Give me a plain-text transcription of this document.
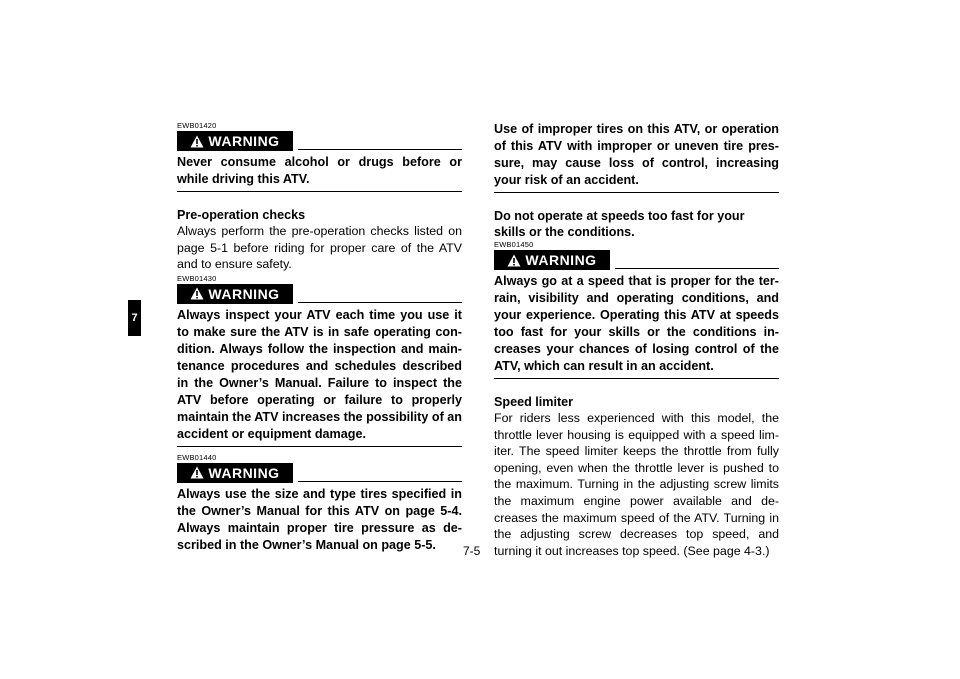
7
EWB01420
WARNING
Never consume alcohol or drugs before or while driving this ATV.
Pre-operation checks
Always perform the pre-operation checks listed on page 5-1 before riding for proper care of the ATV and to ensure safety.
EWB01430
WARNING
Always inspect your ATV each time you use it to make sure the ATV is in safe operating con-dition. Always follow the inspection and main-tenance procedures and schedules described in the Owner’s Manual. Failure to inspect the ATV before operating or failure to properly maintain the ATV increases the possibility of an accident or equipment damage.
EWB01440
WARNING
Always use the size and type tires specified in the Owner’s Manual for this ATV on page 5-4. Always maintain proper tire pressure as de-scribed in the Owner’s Manual on page 5-5.
Use of improper tires on this ATV, or operation of this ATV with improper or uneven tire pres-sure, may cause loss of control, increasing your risk of an accident.
Do not operate at speeds too fast for your skills or the conditions.
EWB01450
WARNING
Always go at a speed that is proper for the ter-rain, visibility and operating conditions, and your experience. Operating this ATV at speeds too fast for your skills or the conditions in-creases your chances of losing control of the ATV, which can result in an accident.
Speed limiter
For riders less experienced with this model, the throttle lever housing is equipped with a speed lim-iter. The speed limiter keeps the throttle from fully opening, even when the throttle lever is pushed to the maximum. Turning in the adjusting screw limits the maximum engine power available and de-creases the maximum speed of the ATV. Turning in the adjusting screw decreases top speed, and turning it out increases top speed. (See page 4-3.)
7-5
